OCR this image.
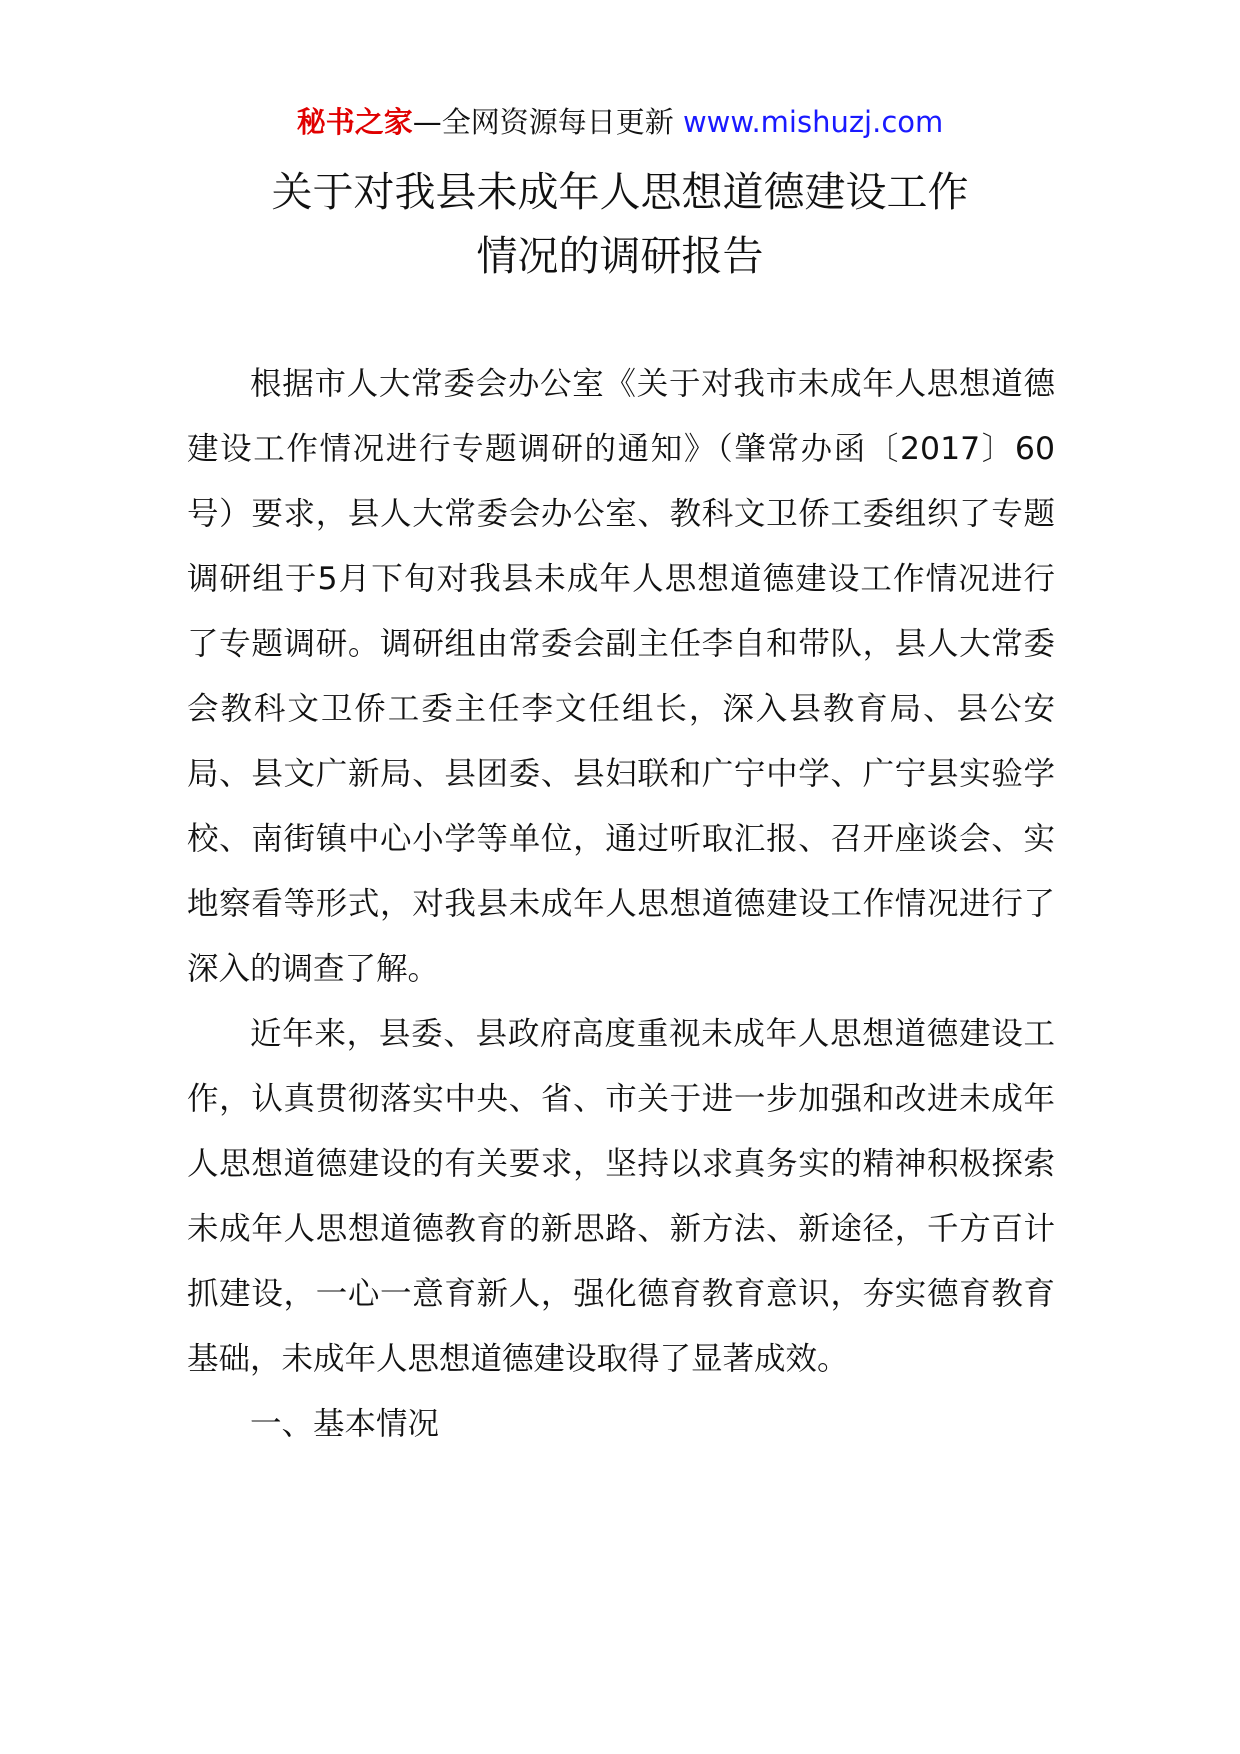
秘书之家—全网资源每日更新 www.mishuzj.com
关于对我县未成年人思想道德建设工作
情况的调研报告

根据市人大常委会办公室《关于对我市未成年人思想道德建设工作情况进行专题调研的通知》（肇常办函〔2017〕60号）要求，县人大常委会办公室、教科文卫侨工委组织了专题调研组于5月下旬对我县未成年人思想道德建设工作情况进行了专题调研。调研组由常委会副主任李自和带队，县人大常委会教科文卫侨工委主任李文任组长，深入县教育局、县公安局、县文广新局、县团委、县妇联和广宁中学、广宁县实验学校、南街镇中心小学等单位，通过听取汇报、召开座谈会、实地察看等形式，对我县未成年人思想道德建设工作情况进行了深入的调查了解。

近年来，县委、县政府高度重视未成年人思想道德建设工作，认真贯彻落实中央、省、市关于进一步加强和改进未成年人思想道德建设的有关要求，坚持以求真务实的精神积极探索未成年人思想道德教育的新思路、新方法、新途径，千方百计抓建设，一心一意育新人，强化德育教育意识，夯实德育教育基础，未成年人思想道德建设取得了显著成效。

一、基本情况
